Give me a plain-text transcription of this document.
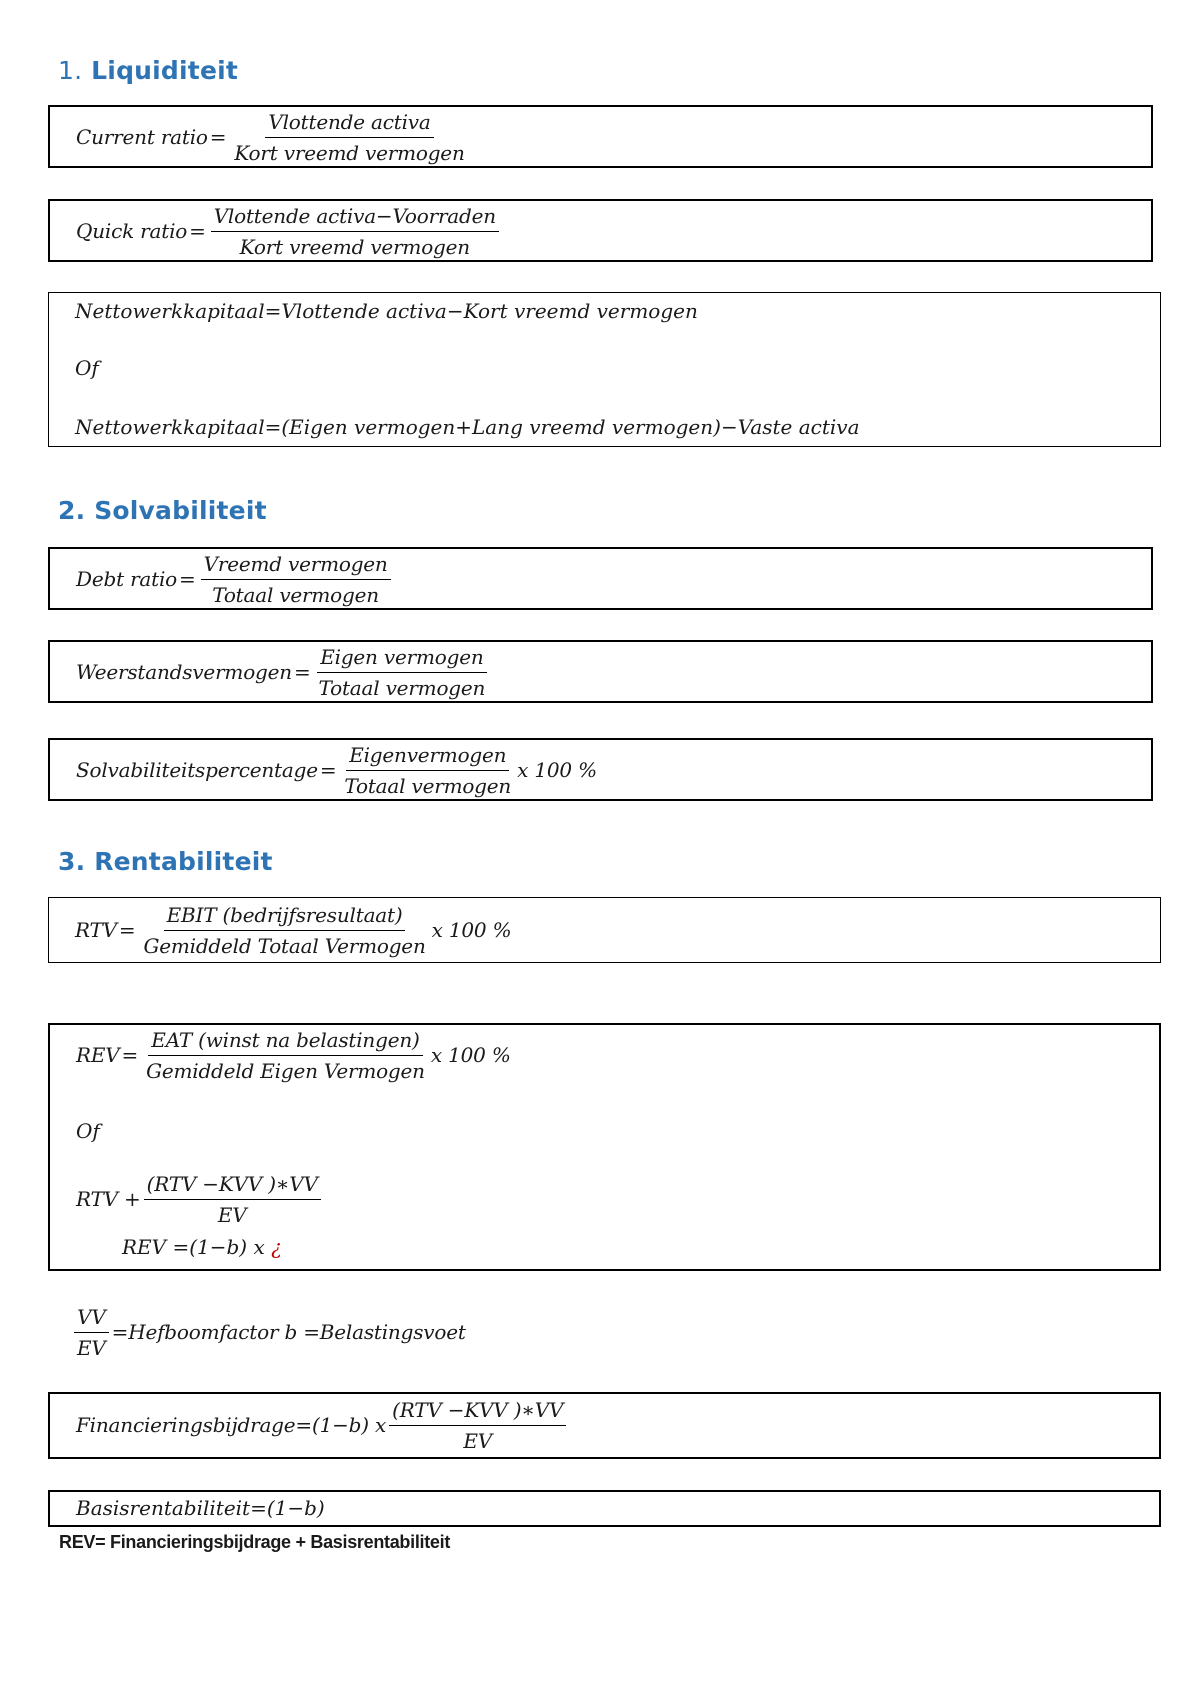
1. Liquiditeit
Current ratio = $\frac{\text{Vlottende activa}}{\text{Kort vreemd vermogen}}$
Quick ratio = $\frac{\text{Vlottende activa−Voorraden}}{\text{Kort vreemd vermogen}}$
Nettowerkkapitaal=Vlottende activa−Kort vreemd vermogen
Of
Nettowerkkapitaal=(Eigen vermogen+Lang vreemd vermogen)−Vaste activa
2. Solvabiliteit
Debt ratio = $\frac{\text{Vreemd vermogen}}{\text{Totaal vermogen}}$
Weerstandsvermogen = $\frac{\text{Eigen vermogen}}{\text{Totaal vermogen}}$
Solvabiliteitspercentage = $\frac{\text{Eigenvermogen}}{\text{Totaal vermogen}}$ x 100 %
3. Rentabiliteit
RTV = $\frac{\text{EBIT (bedrijfsresultaat)}}{\text{Gemiddeld Totaal Vermogen}}$ x 100 %
REV = $\frac{\text{EAT (winst na belastingen)}}{\text{Gemiddeld Eigen Vermogen}}$ x 100 %
Of
RTV + $\frac{\text{(RTV −KVV )∗VV}}{EV}$
REV =(1−b) x ¿
$\frac{VV}{EV}$ =Hefboomfactor b =Belastingsvoet
Financieringsbijdrage=(1−b) x $\frac{\text{(RTV −KVV )∗VV}}{EV}$
Basisrentabiliteit=(1−b)

REV= Financieringsbijdrage + Basisrentabiliteit
